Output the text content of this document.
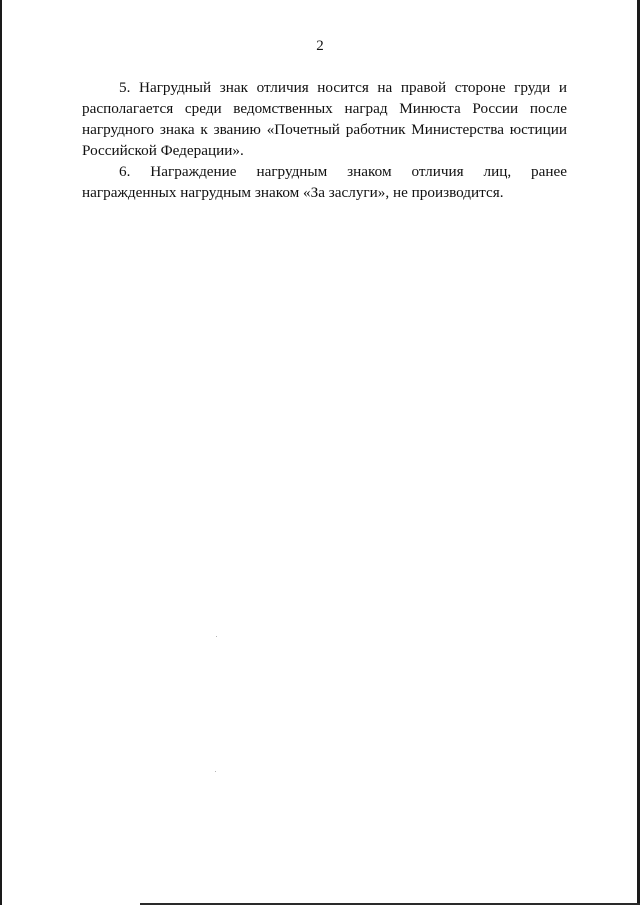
2

5. Нагрудный знак отличия носится на правой стороне груди и располагается среди ведомственных наград Минюста России после нагрудного знака к званию «Почетный работник Министерства юстиции Российской Федерации».

6. Награждение нагрудным знаком отличия лиц, ранее награжденных нагрудным знаком «За заслуги», не производится.
